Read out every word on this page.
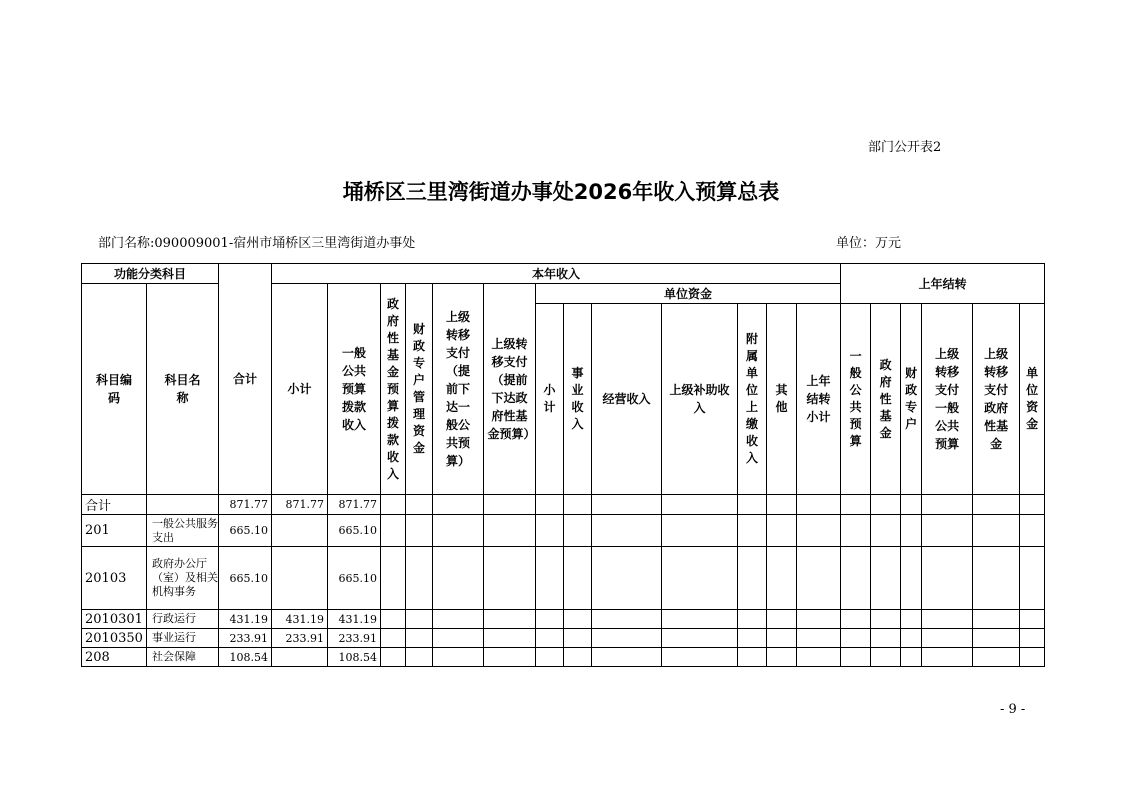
部门公开表2
埇桥区三里湾街道办事处2026年收入预算总表
部门名称:090009001-宿州市埇桥区三里湾街道办事处	单位：万元
功能分类科目		合计	本年收入													上年结转					
科目编码	科目名称		小计	一般公共预算拨款收入	政府性基金预算拨款收入	财政专户管理资金	上级转移支付（提前下达一般公共预算）	上级转移支付（提前下达政府性基金预算）	单位资金												
									小计	事业收入	经营收入	上级补助收入	附属单位上缴收入	其他	上年结转小计	一般公共预算	政府性基金	财政专户	上级转移支付一般公共预算	上级转移支付政府性基金	单位资金
合计		871.77	871.77	871.77																	
201	一般公共服务支出	665.10		665.10																	
20103	政府办公厅（室）及相关机构事务	665.10		665.10																	
2010301	行政运行	431.19	431.19	431.19																	
2010350	事业运行	233.91	233.91	233.91																	
208	社会保障	108.54		108.54																	
- 9 -
